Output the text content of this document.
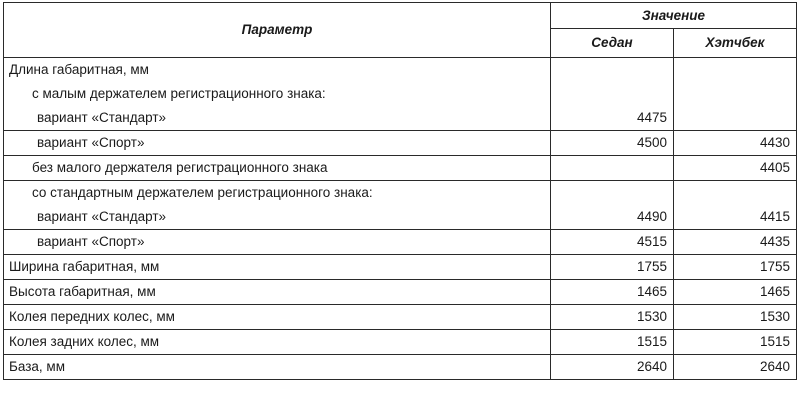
Параметр	Значение	
	Седан	Хэтчбек

Длина габаритная, мм
с малым держателем регистрационного знака:
вариант «Стандарт»	4475	

вариант «Спорт»	4500	4430

без малого держателя регистрационного знака		4405

со стандартным держателем регистрационного знака:
вариант «Стандарт»	4490	4415

вариант «Спорт»	4515	4435

Ширина габаритная, мм	1755	1755

Высота габаритная, мм	1465	1465

Колея передних колес, мм	1530	1530

Колея задних колес, мм	1515	1515

База, мм	2640	2640
